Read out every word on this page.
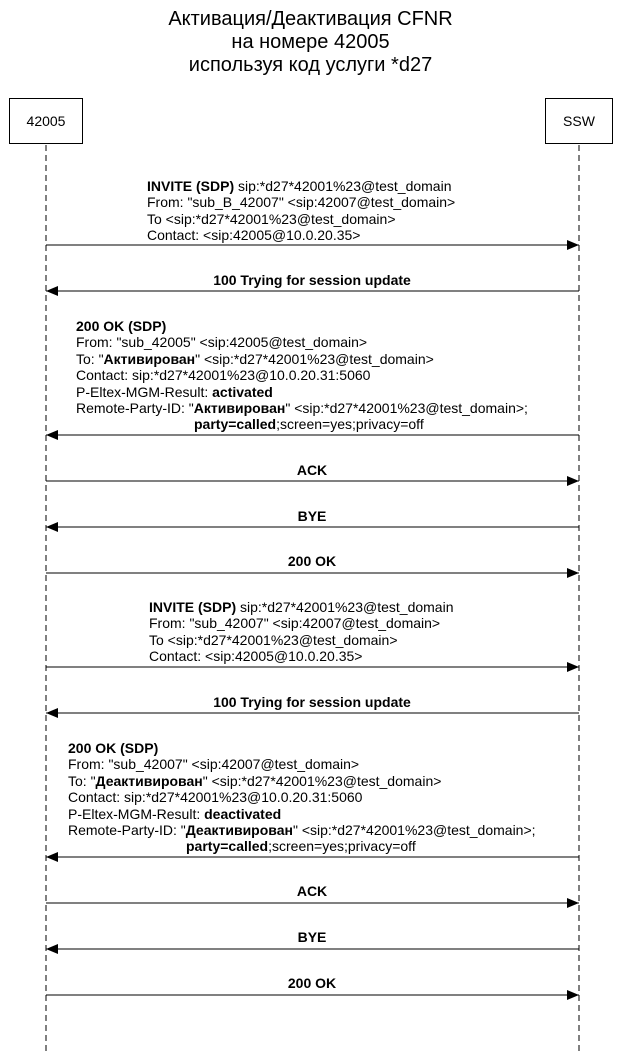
Активация/Деактивация CFNR
на номере 42005
используя код услуги *d27
42005	SSW
INVITE (SDP) sip:*d27*42001%23@test_domain
From: "sub_B_42007" <sip:42007@test_domain>
To <sip:*d27*42001%23@test_domain>
Contact: <sip:42005@10.0.20.35>
100 Trying for session update
200 OK (SDP)
From: "sub_42005" <sip:42005@test_domain>
To: "Активирован" <sip:*d27*42001%23@test_domain>
Contact: sip:*d27*42001%23@10.0.20.31:5060
P-Eltex-MGM-Result: activated
Remote-Party-ID: "Активирован" <sip:*d27*42001%23@test_domain>;
party=called;screen=yes;privacy=off
ACK
BYE
200 OK
INVITE (SDP) sip:*d27*42001%23@test_domain
From: "sub_42007" <sip:42007@test_domain>
To <sip:*d27*42001%23@test_domain>
Contact: <sip:42005@10.0.20.35>
100 Trying for session update
200 OK (SDP)
From: "sub_42007" <sip:42007@test_domain>
To: "Деактивирован" <sip:*d27*42001%23@test_domain>
Contact: sip:*d27*42001%23@10.0.20.31:5060
P-Eltex-MGM-Result: deactivated
Remote-Party-ID: "Деактивирован" <sip:*d27*42001%23@test_domain>;
party=called;screen=yes;privacy=off
ACK
BYE
200 OK
